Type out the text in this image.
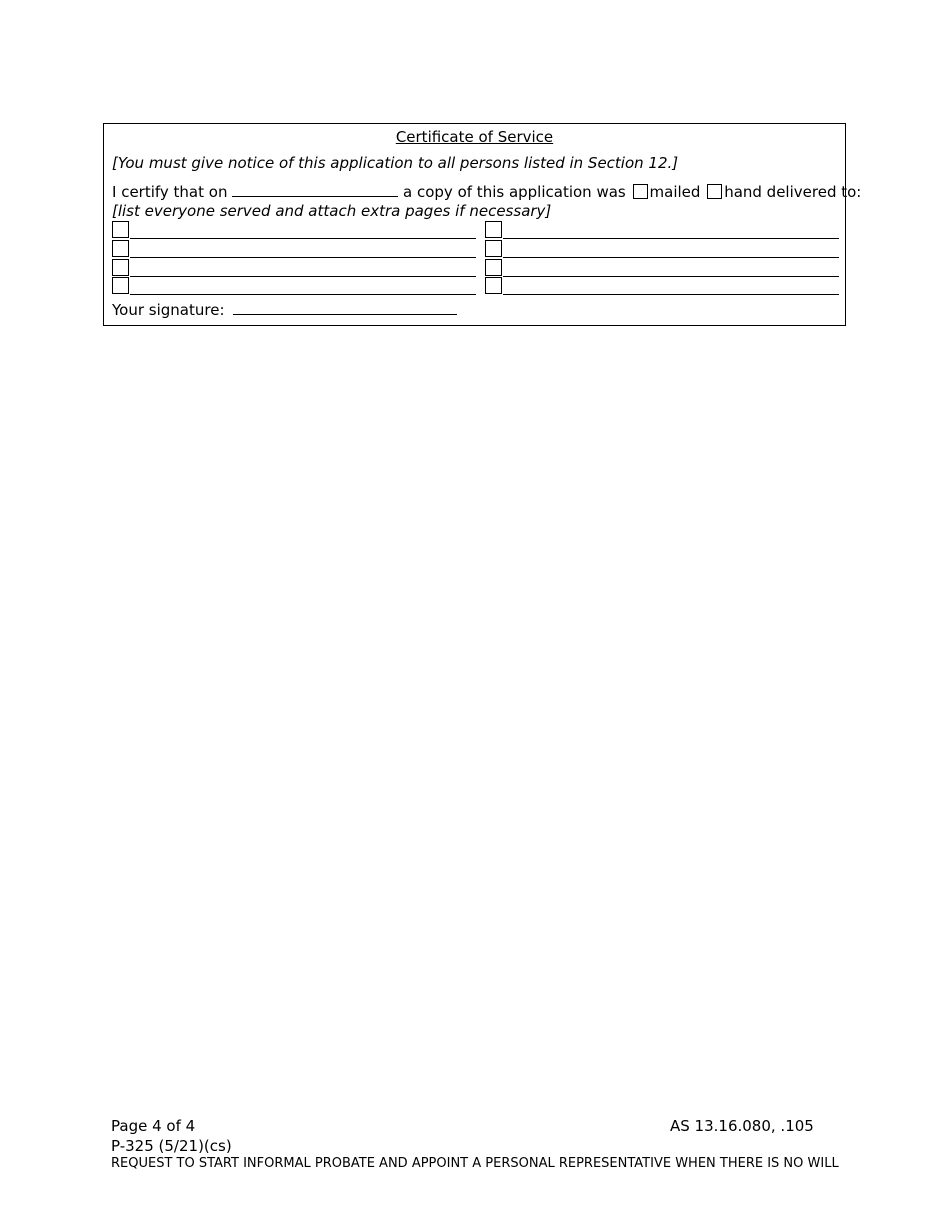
Certificate of Service
[You must give notice of this application to all persons listed in Section 12.]
I certify that on	a copy of this application was mailed hand delivered to:
[list everyone served and attach extra pages if necessary]
Your signature:
Page 4 of 4	AS 13.16.080, .105
P-325 (5/21)(cs)
REQUEST TO START INFORMAL PROBATE AND APPOINT A PERSONAL REPRESENTATIVE WHEN THERE IS NO WILL
